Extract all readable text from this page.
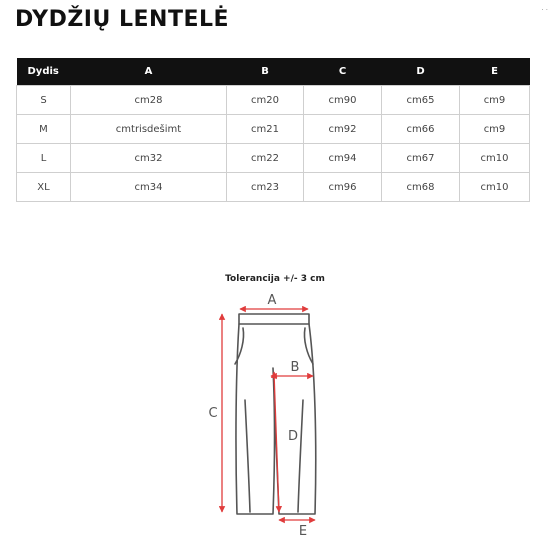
DYDŽIŲ LENTELĖ	· ·
Dydis	A	B	C	D	E
S	cm28	cm20	cm90	cm65	cm9
M	cmtrisdešimt	cm21	cm92	cm66	cm9
L	cm32	cm22	cm94	cm67	cm10
XL	cm34	cm23	cm96	cm68	cm10
Tolerancija +/- 3 cm
A
B
C
D
E
